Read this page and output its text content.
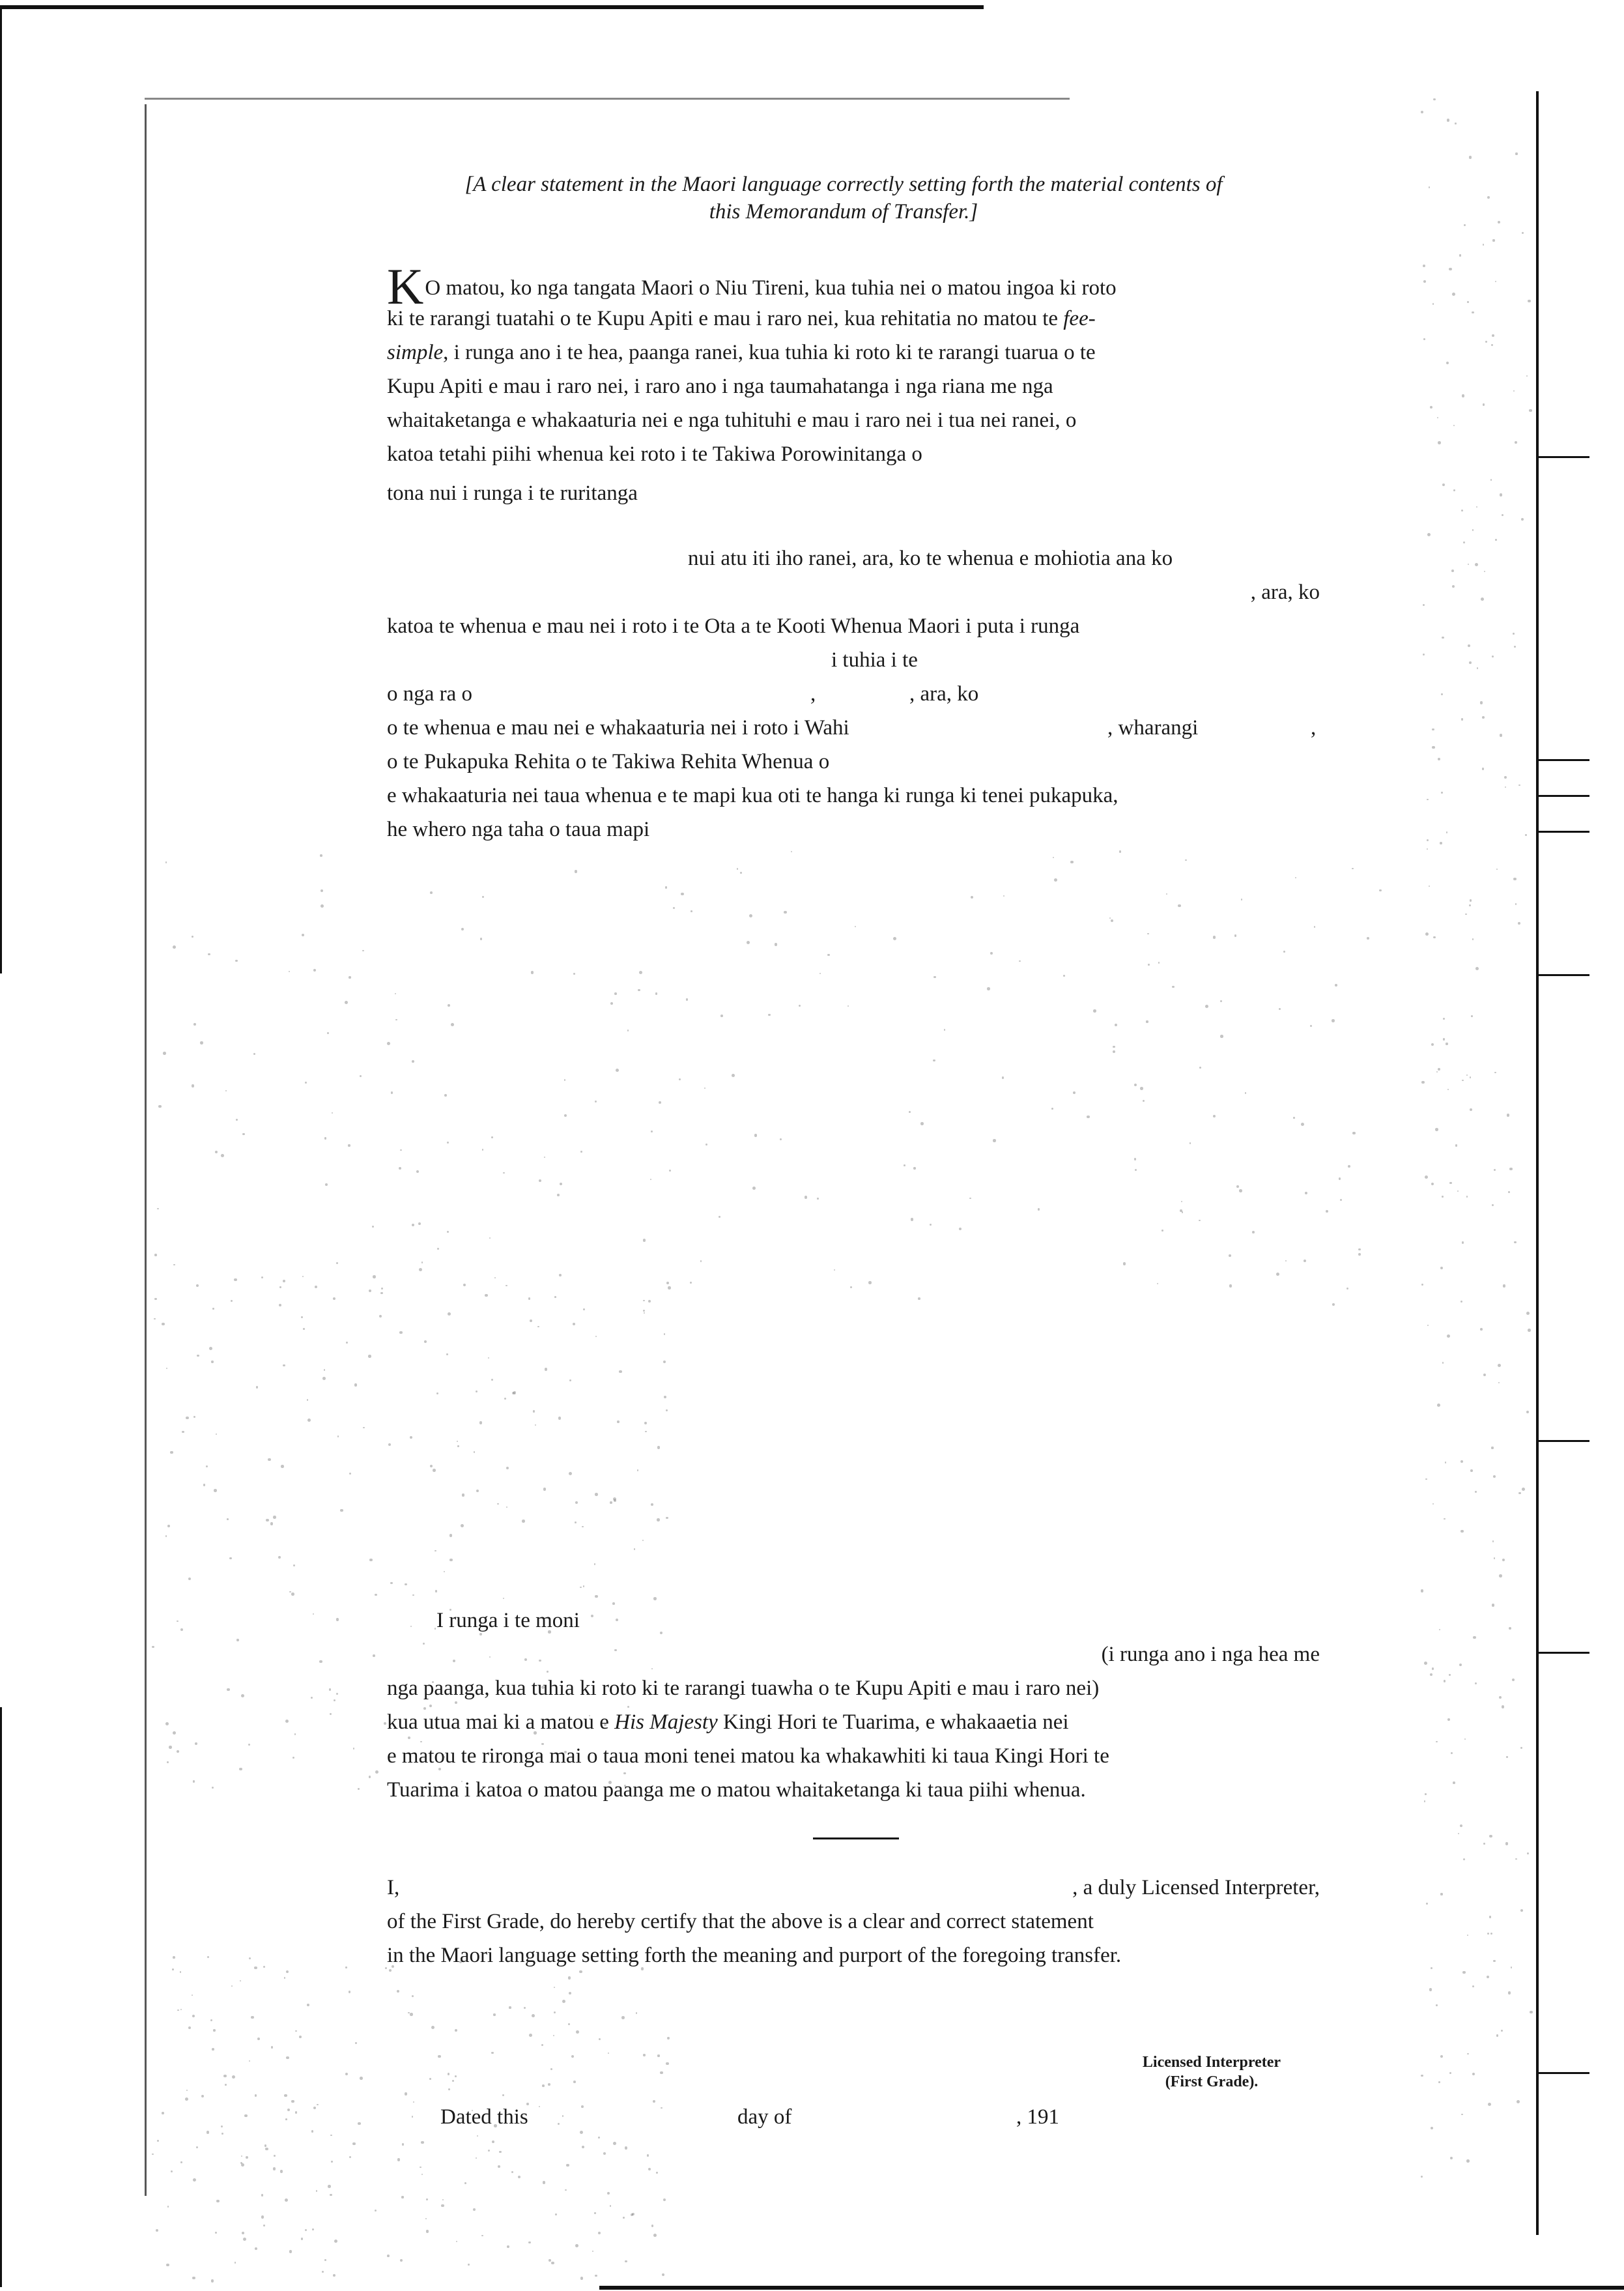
[A clear statement in the Maori language correctly setting forth the material contents of
this Memorandum of Transfer.]
KO matou, ko nga tangata Maori o Niu Tireni, kua tuhia nei o matou ingoa ki roto
ki te rarangi tuatahi o te Kupu Apiti e mau i raro nei, kua rehitatia no matou te fee-
simple, i runga ano i te hea, paanga ranei, kua tuhia ki roto ki te rarangi tuarua o te
Kupu Apiti e mau i raro nei, i raro ano i nga taumahatanga i nga riana me nga
whaitaketanga e whakaaturia nei e nga tuhituhi e mau i raro nei i tua nei ranei, o
katoa tetahi piihi whenua kei roto i te Takiwa Porowinitanga o
tona nui i runga i te ruritanga
nui atu iti iho ranei, ara, ko te whenua e mohiotia ana ko
, ara, ko
katoa te whenua e mau nei i roto i te Ota a te Kooti Whenua Maori i puta i runga
i tuhia i te
o nga ra o	,	, ara, ko
o te whenua e mau nei e whakaaturia nei i roto i Wahi	, wharangi	,
o te Pukapuka Rehita o te Takiwa Rehita Whenua o
e whakaaturia nei taua whenua e te mapi kua oti te hanga ki runga ki tenei pukapuka,
he whero nga taha o taua mapi
I runga i te moni
(i runga ano i nga hea me
nga paanga, kua tuhia ki roto ki te rarangi tuawha o te Kupu Apiti e mau i raro nei)
kua utua mai ki a matou e His Majesty Kingi Hori te Tuarima, e whakaaetia nei
e matou te rironga mai o taua moni tenei matou ka whakawhiti ki taua Kingi Hori te
Tuarima i katoa o matou paanga me o matou whaitaketanga ki taua piihi whenua.
I,	, a duly Licensed Interpreter,
of the First Grade, do hereby certify that the above is a clear and correct statement
in the Maori language setting forth the meaning and purport of the foregoing transfer.
Licensed Interpreter
(First Grade).
Dated this	day of	, 191
